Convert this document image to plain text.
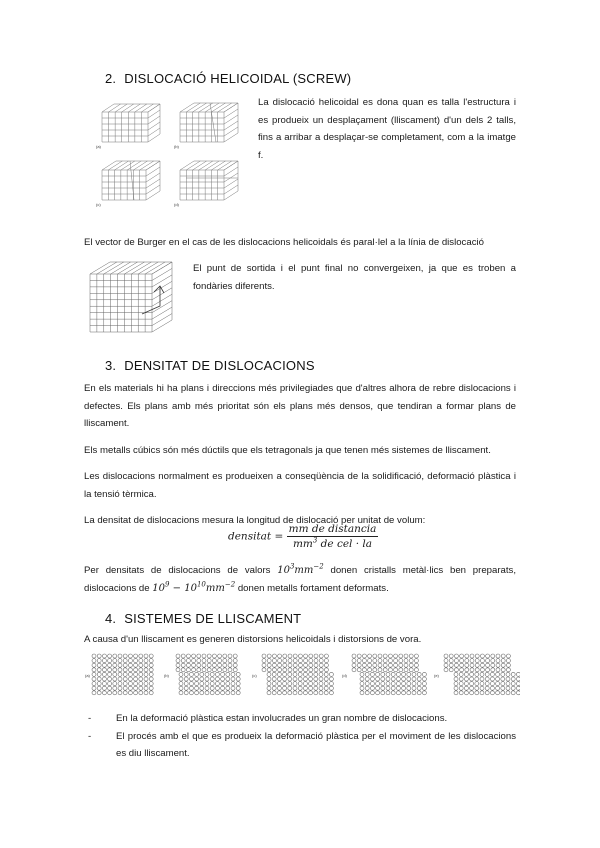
2. DISLOCACIÓ HELICOIDAL (SCREW)
(a)	(b)
(c)	(d)

La dislocació helicoidal es dona quan es talla l'estructura i es produeix un desplaçament (lliscament) d'un dels 2 talls, fins a arribar a desplaçar-se completament, com a la imatge f.

El vector de Burger en el cas de les dislocacions helicoidals és paral·lel a la línia de dislocació

El punt de sortida i el punt final no convergeixen, ja que es troben a fondàries diferents.

3. DENSITAT DE DISLOCACIONS

En els materials hi ha plans i direccions més privilegiades que d'altres alhora de rebre dislocacions i defectes. Els plans amb més prioritat són els plans més densos, que tendiran a formar plans de lliscament.

Els metalls cúbics són més dúctils que els tetragonals ja que tenen més sistemes de lliscament.

Les dislocacions normalment es produeixen a conseqüència de la solidificació, deformació plàstica i la tensió tèrmica.

La densitat de dislocacions mesura la longitud de dislocació per unitat de volum:

densitat = $\frac{\text{mm de distancia}}{mm^3 de cel \cdot la}$

Per densitats de dislocacions de valors $10^3mm^{-2}$ donen cristalls metàl·lics ben preparats, dislocacions de $10^9 - 10^{10}mm^{-2}$ donen metalls fortament deformats.

4. SISTEMES DE LLISCAMENT

A causa d'un lliscament es generen distorsions helicoidals i distorsions de vora.

(a)	(b)	(c)	(d)	(e)
-	En la deformació plàstica estan involucrades un gran nombre de dislocacions.
-	El procés amb el que es produeix la deformació plàstica per el moviment de les dislocacions es diu lliscament.
